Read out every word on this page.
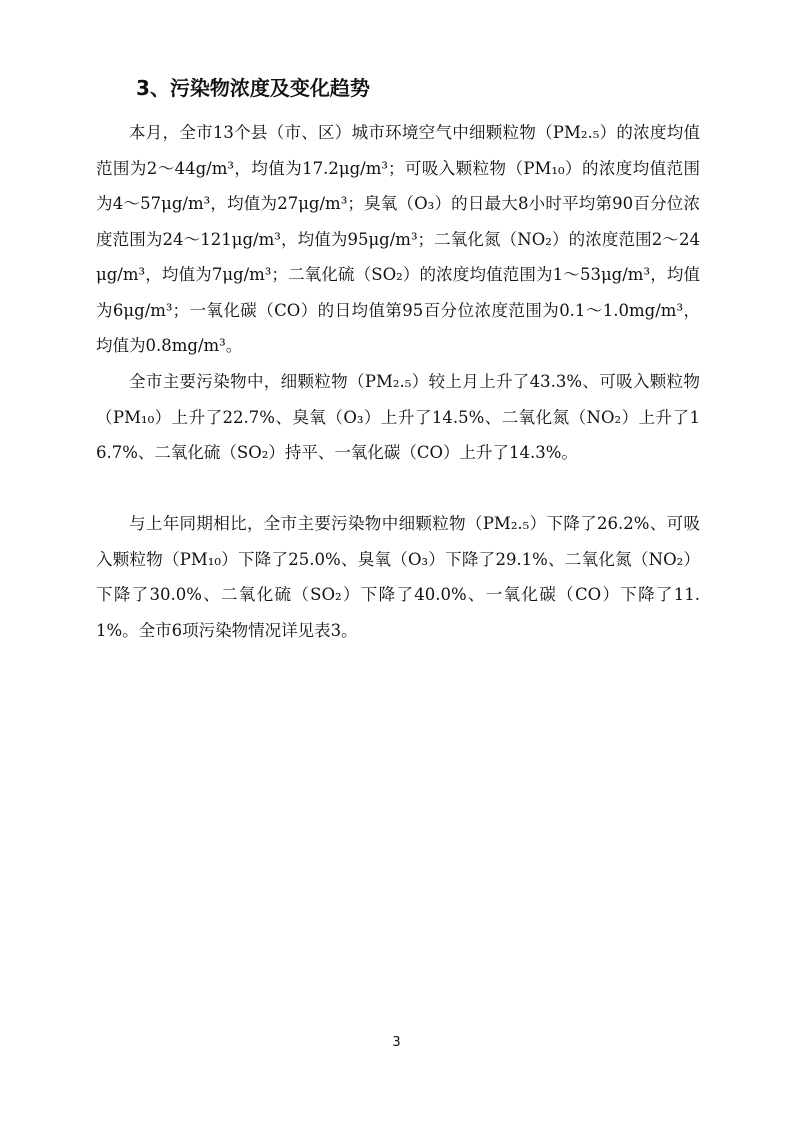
3、污染物浓度及变化趋势

本月，全市13个县（市、区）城市环境空气中细颗粒物（PM₂.₅）的浓度均值范围为2～44g/m³，均值为17.2μg/m³；可吸入颗粒物（PM₁₀）的浓度均值范围为4～57μg/m³，均值为27μg/m³；臭氧（O₃）的日最大8小时平均第90百分位浓度范围为24～121μg/m³，均值为95μg/m³；二氧化氮（NO₂）的浓度范围2～24μg/m³，均值为7μg/m³；二氧化硫（SO₂）的浓度均值范围为1～53μg/m³，均值为6μg/m³；一氧化碳（CO）的日均值第95百分位浓度范围为0.1～1.0mg/m³，均值为0.8mg/m³。

全市主要污染物中，细颗粒物（PM₂.₅）较上月上升了43.3%、可吸入颗粒物（PM₁₀）上升了22.7%、臭氧（O₃）上升了14.5%、二氧化氮（NO₂）上升了16.7%、二氧化硫（SO₂）持平、一氧化碳（CO）上升了14.3%。

与上年同期相比，全市主要污染物中细颗粒物（PM₂.₅）下降了26.2%、可吸入颗粒物（PM₁₀）下降了25.0%、臭氧（O₃）下降了29.1%、二氧化氮（NO₂）下降了30.0%、二氧化硫（SO₂）下降了40.0%、一氧化碳（CO）下降了11.1%。全市6项污染物情况详见表3。

3
